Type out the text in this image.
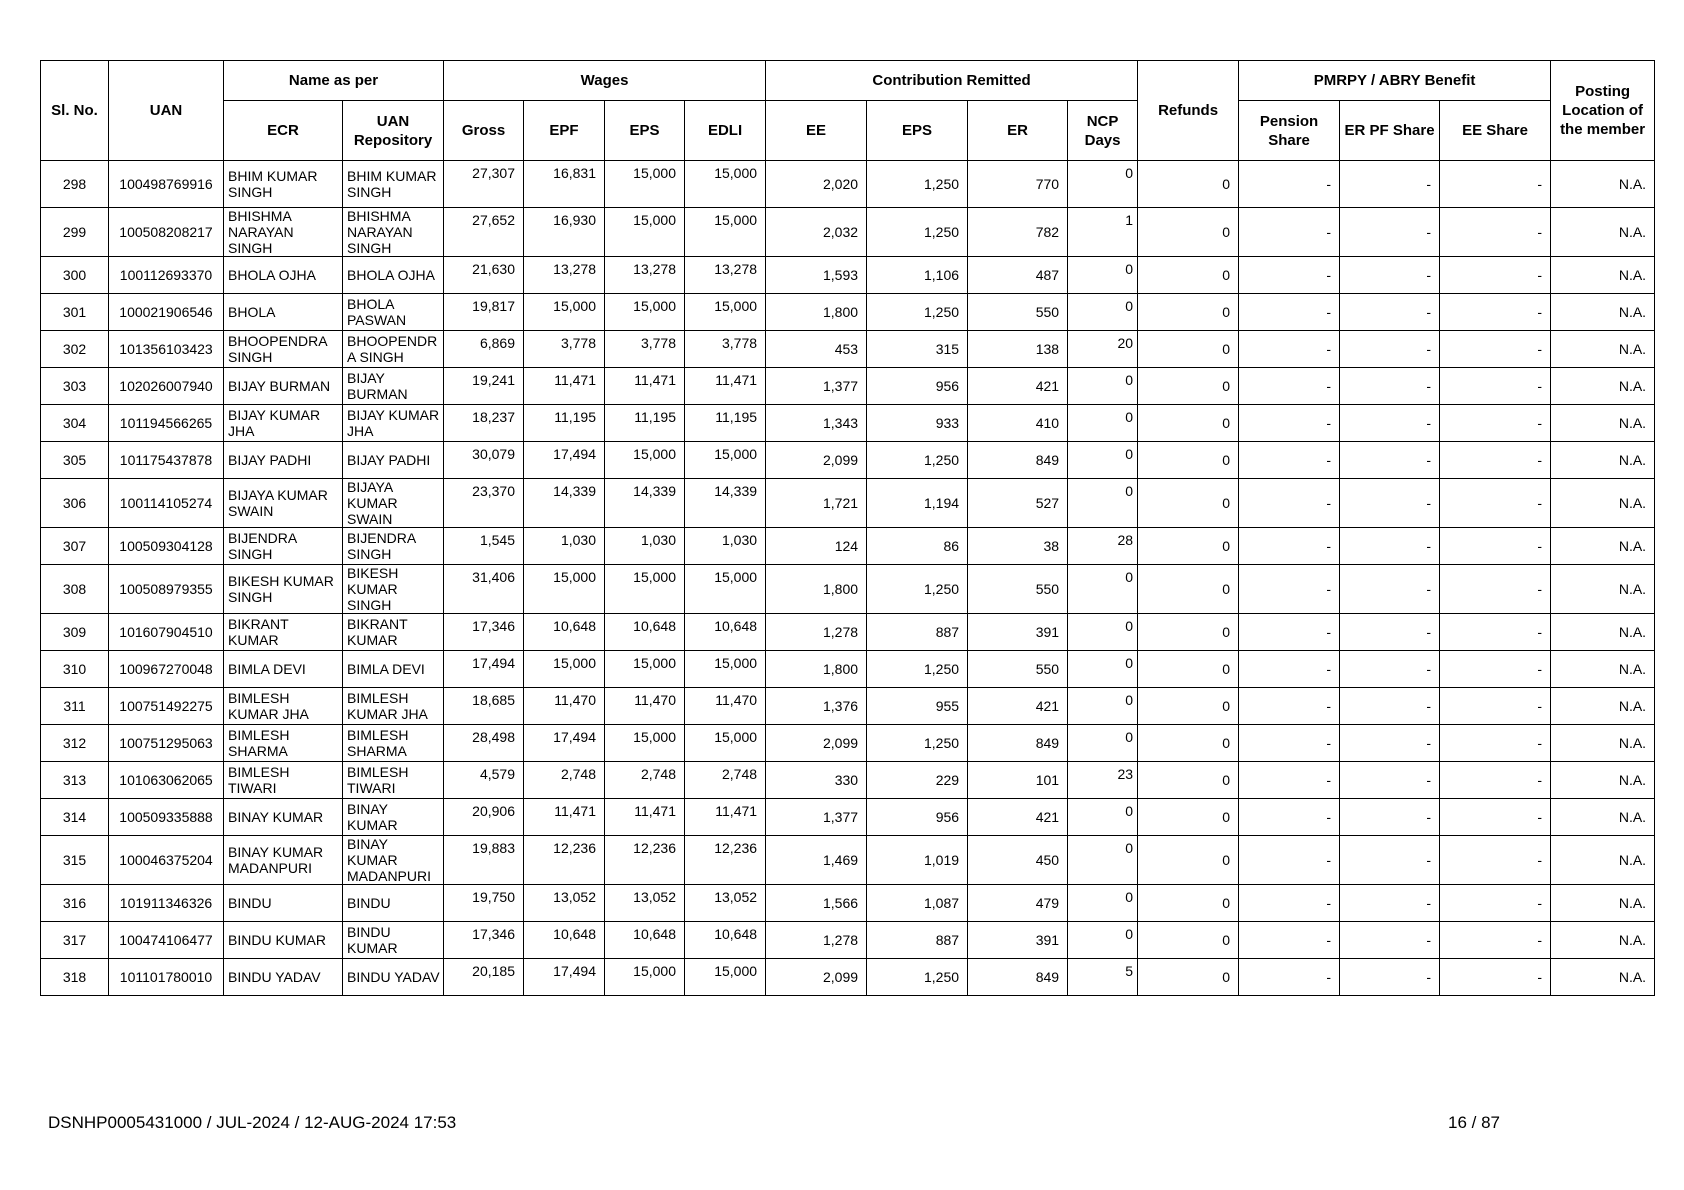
Sl. No.	UAN	Name as per		Wages				Contribution Remitted				Refunds	PMRPY / ABRY Benefit			Posting Location of the member
		ECR	UAN Repository	Gross	EPF	EPS	EDLI	EE	EPS	ER	NCP Days		Pension Share	ER PF Share	EE Share	
298	100498769916	BHIM KUMAR SINGH	BHIM KUMAR SINGH	27,307	16,831	15,000	15,000	2,020	1,250	770	0	0	-	-	-	N.A.
299	100508208217	BHISHMA NARAYAN SINGH	BHISHMA NARAYAN SINGH	27,652	16,930	15,000	15,000	2,032	1,250	782	1	0	-	-	-	N.A.
300	100112693370	BHOLA OJHA	BHOLA OJHA	21,630	13,278	13,278	13,278	1,593	1,106	487	0	0	-	-	-	N.A.
301	100021906546	BHOLA	BHOLA PASWAN	19,817	15,000	15,000	15,000	1,800	1,250	550	0	0	-	-	-	N.A.
302	101356103423	BHOOPENDRA SINGH	BHOOPENDR A SINGH	6,869	3,778	3,778	3,778	453	315	138	20	0	-	-	-	N.A.
303	102026007940	BIJAY BURMAN	BIJAY BURMAN	19,241	11,471	11,471	11,471	1,377	956	421	0	0	-	-	-	N.A.
304	101194566265	BIJAY KUMAR JHA	BIJAY KUMAR JHA	18,237	11,195	11,195	11,195	1,343	933	410	0	0	-	-	-	N.A.
305	101175437878	BIJAY PADHI	BIJAY PADHI	30,079	17,494	15,000	15,000	2,099	1,250	849	0	0	-	-	-	N.A.
306	100114105274	BIJAYA KUMAR SWAIN	BIJAYA KUMAR SWAIN	23,370	14,339	14,339	14,339	1,721	1,194	527	0	0	-	-	-	N.A.
307	100509304128	BIJENDRA SINGH	BIJENDRA SINGH	1,545	1,030	1,030	1,030	124	86	38	28	0	-	-	-	N.A.
308	100508979355	BIKESH KUMAR SINGH	BIKESH KUMAR SINGH	31,406	15,000	15,000	15,000	1,800	1,250	550	0	0	-	-	-	N.A.
309	101607904510	BIKRANT KUMAR	BIKRANT KUMAR	17,346	10,648	10,648	10,648	1,278	887	391	0	0	-	-	-	N.A.
310	100967270048	BIMLA DEVI	BIMLA DEVI	17,494	15,000	15,000	15,000	1,800	1,250	550	0	0	-	-	-	N.A.
311	100751492275	BIMLESH KUMAR JHA	BIMLESH KUMAR JHA	18,685	11,470	11,470	11,470	1,376	955	421	0	0	-	-	-	N.A.
312	100751295063	BIMLESH SHARMA	BIMLESH SHARMA	28,498	17,494	15,000	15,000	2,099	1,250	849	0	0	-	-	-	N.A.
313	101063062065	BIMLESH TIWARI	BIMLESH TIWARI	4,579	2,748	2,748	2,748	330	229	101	23	0	-	-	-	N.A.
314	100509335888	BINAY KUMAR	BINAY KUMAR	20,906	11,471	11,471	11,471	1,377	956	421	0	0	-	-	-	N.A.
315	100046375204	BINAY KUMAR MADANPURI	BINAY KUMAR MADANPURI	19,883	12,236	12,236	12,236	1,469	1,019	450	0	0	-	-	-	N.A.
316	101911346326	BINDU	BINDU	19,750	13,052	13,052	13,052	1,566	1,087	479	0	0	-	-	-	N.A.
317	100474106477	BINDU KUMAR	BINDU KUMAR	17,346	10,648	10,648	10,648	1,278	887	391	0	0	-	-	-	N.A.
318	101101780010	BINDU YADAV	BINDU YADAV	20,185	17,494	15,000	15,000	2,099	1,250	849	5	0	-	-	-	N.A.
DSNHP0005431000 / JUL-2024 / 12-AUG-2024 17:53	16 / 87
